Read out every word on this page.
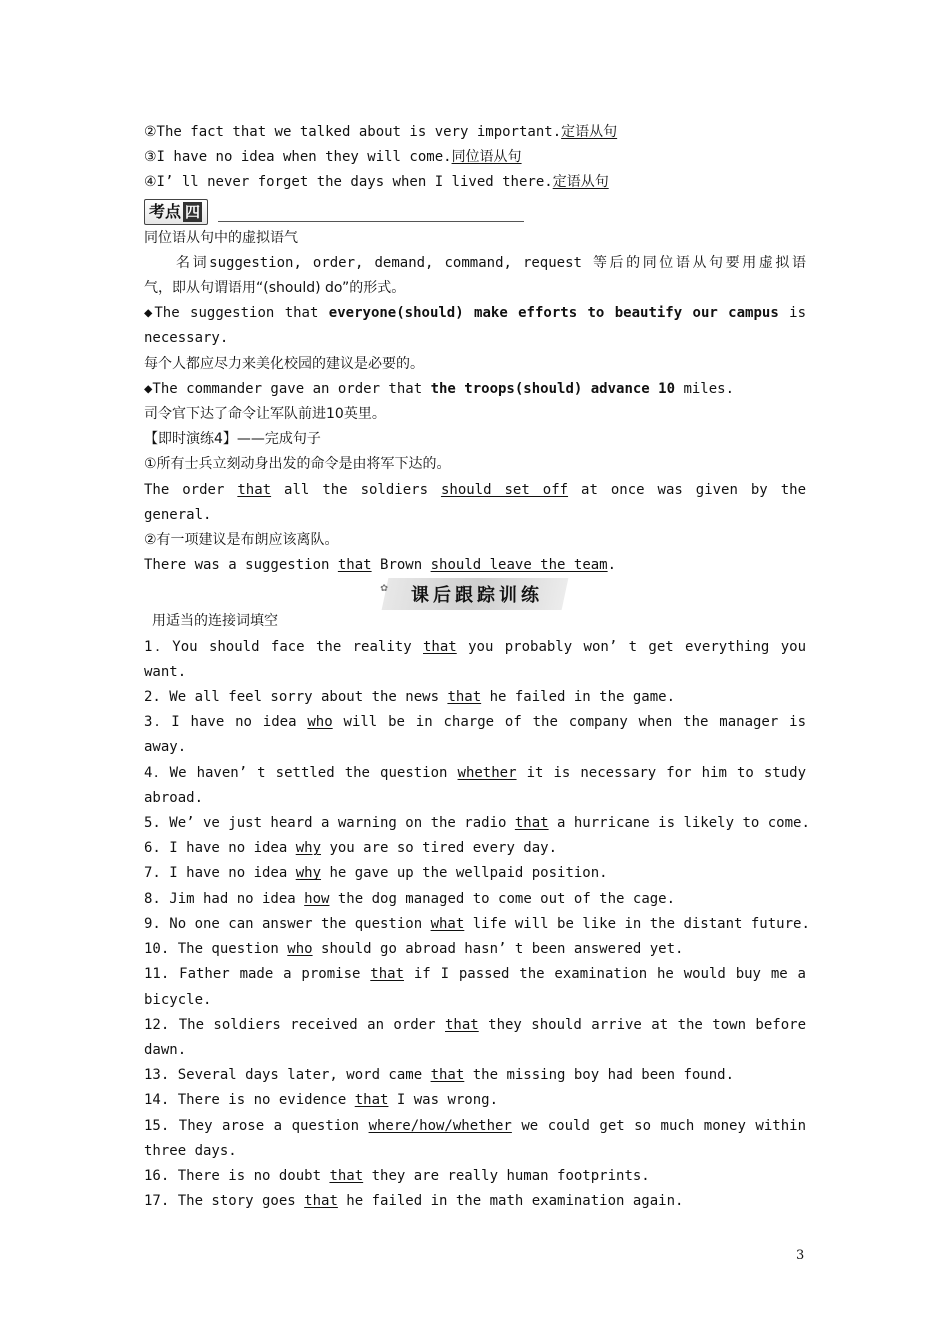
②The fact that we talked about is very important.定语从句
③I have no idea when they will come.同位语从句
④I’ ll never forget the days when I lived there.定语从句
考点 四
同位语从句中的虚拟语气
名词suggestion, order, demand, command, request 等后的同位语从句要用虚拟语
气，即从句谓语用“(should) do”的形式。
◆The suggestion that everyone(should) make efforts to beautify our campus is
necessary.
每个人都应尽力来美化校园的建议是必要的。
◆The commander gave an order that the troops(should) advance 10 miles.
司令官下达了命令让军队前进10英里。
【即时演练4】——完成句子
①所有士兵立刻动身出发的命令是由将军下达的。
The order that all the soldiers should set off at once was given by the
general.
②有一项建议是布朗应该离队。
There was a suggestion that Brown should leave the team.
✿ 课后跟踪训练
用适当的连接词填空
1．You should face the reality that you probably won’ t get everything you
want.
2. We all feel sorry about the news that he failed in the game.
3．I have no idea who will be in charge of the company when the manager is
away.
4．We haven’ t settled the question whether it is necessary for him to study
abroad.
5. We’ ve just heard a warning on the radio that a hurricane is likely to come.
6. I have no idea why you are so tired every day.
7. I have no idea why he gave up the wellpaid position.
8. Jim had no idea how the dog managed to come out of the cage.
9. No one can answer the question what life will be like in the distant future.
10. The question who should go abroad hasn’ t been answered yet.
11. Father made a promise that if I passed the examination he would buy me a
bicycle.
12. The soldiers received an order that they should arrive at the town before
dawn.
13. Several days later, word came that the missing boy had been found.
14. There is no evidence that I was wrong.
15. They arose a question where/how/whether we could get so much money within
three days.
16. There is no doubt that they are really human footprints.
17. The story goes that he failed in the math examination again.
3
